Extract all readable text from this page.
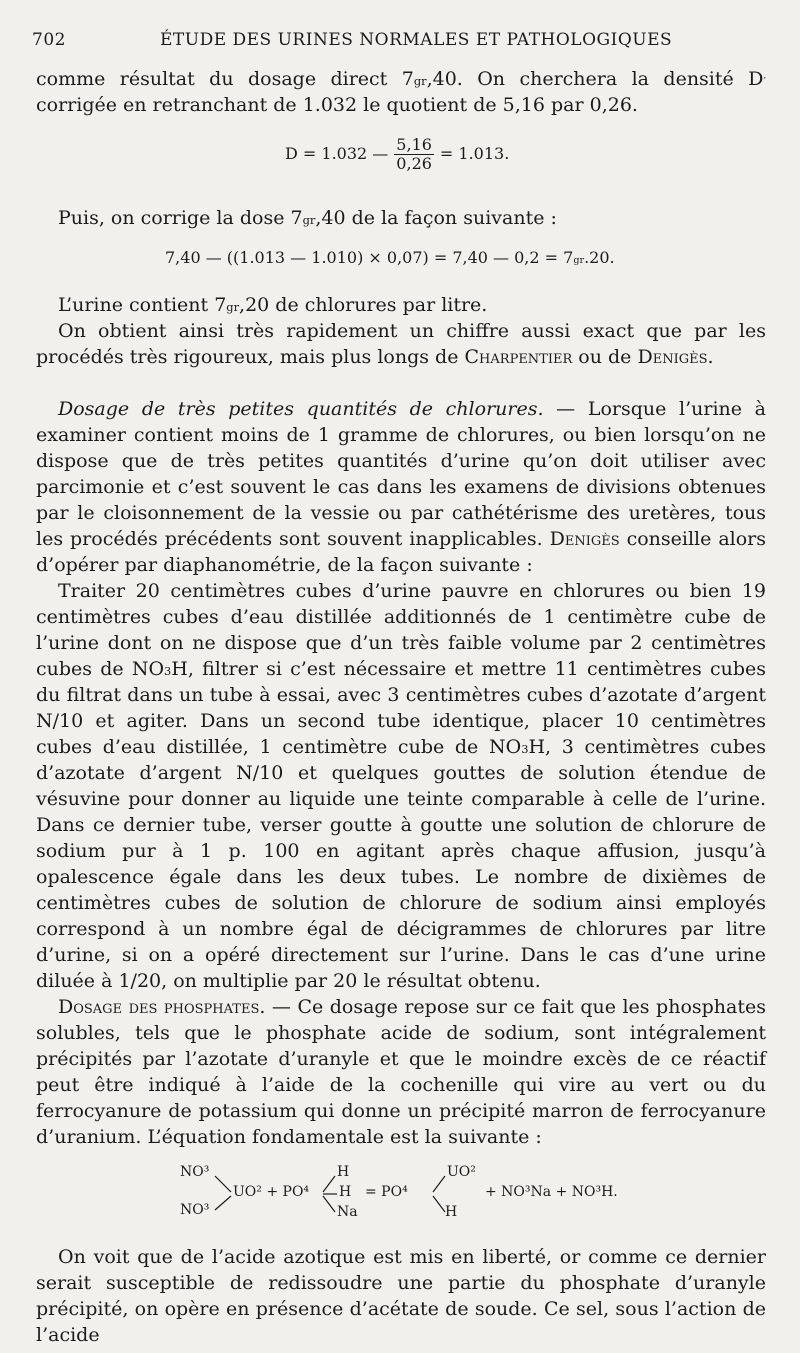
702	ÉTUDE DES URINES NORMALES ET PATHOLOGIQUES

comme résultat du dosage direct $7^{gr},40$. On cherchera la densité D′ corrigée en retranchant de 1.032 le quotient de 5,16 par 0,26.

D = 1.032 — $\frac{5,16}{0,26} = 1.013$.

Puis, on corrige la dose $7^{gr},40$ de la façon suivante :

7,40 — ((1.013 — 1.010) × 0,07) = 7,40 — $0,2 = 7^{gr}.20$.

L’urine contient $7^{gr},20$ de chlorures par litre.

On obtient ainsi très rapidement un chiffre aussi exact que par les procédés très rigoureux, mais plus longs de Charpentier ou de Denigès.

Dosage de très petites quantités de chlorures. — Lorsque l’urine à examiner contient moins de 1 gramme de chlorures, ou bien lorsqu’on ne dispose que de très petites quantités d’urine qu’on doit utiliser avec parcimonie et c’est souvent le cas dans les examens de divisions obtenues par le cloisonnement de la vessie ou par cathétérisme des uretères, tous les procédés précédents sont souvent inapplicables. Denigès conseille alors d’opérer par diaphanométrie, de la façon suivante :

Traiter 20 centimètres cubes d’urine pauvre en chlorures ou bien 19 centimètres cubes d’eau distillée additionnés de 1 centimètre cube de l’urine dont on ne dispose que d’un très faible volume par 2 centimètres cubes de $NO^3H$, filtrer si c’est nécessaire et mettre 11 centimètres cubes du filtrat dans un tube à essai, avec 3 centimètres cubes d’azotate d’argent N/10 et agiter. Dans un second tube identique, placer 10 centimètres cubes d’eau distillée, 1 centimètre cube de $NO^3H$, 3 centimètres cubes d’azotate d’argent N/10 et quelques gouttes de solution étendue de vésuvine pour donner au liquide une teinte comparable à celle de l’urine. Dans ce dernier tube, verser goutte à goutte une solution de chlorure de sodium pur à 1 p. 100 en agitant après chaque affusion, jusqu’à opalescence égale dans les deux tubes. Le nombre de dixièmes de centimètres cubes de solution de chlorure de sodium ainsi employés correspond à un nombre égal de décigrammes de chlorures par litre d’urine, si on a opéré directement sur l’urine. Dans le cas d’une urine diluée à 1/20, on multiplie par 20 le résultat obtenu.

Dosage des phosphates. — Ce dosage repose sur ce fait que les phosphates solubles, tels que le phosphate acide de sodium, sont intégralement précipités par l’azotate d’uranyle et que le moindre excès de ce réactif peut être indiqué à l’aide de la cochenille qui vire au vert ou du ferrocyanure de potassium qui donne un précipité marron de ferrocyanure d’uranium. L’équation fondamentale est la suivante :

NO³
NO³
UO² + PO⁴
H
H
Na
= PO⁴
UO²
H
+ NO³Na + NO³H.

On voit que de l’acide azotique est mis en liberté, or comme ce dernier serait susceptible de redissoudre une partie du phosphate d’uranyle précipité, on opère en présence d’acétate de soude. Ce sel, sous l’action de l’acide
